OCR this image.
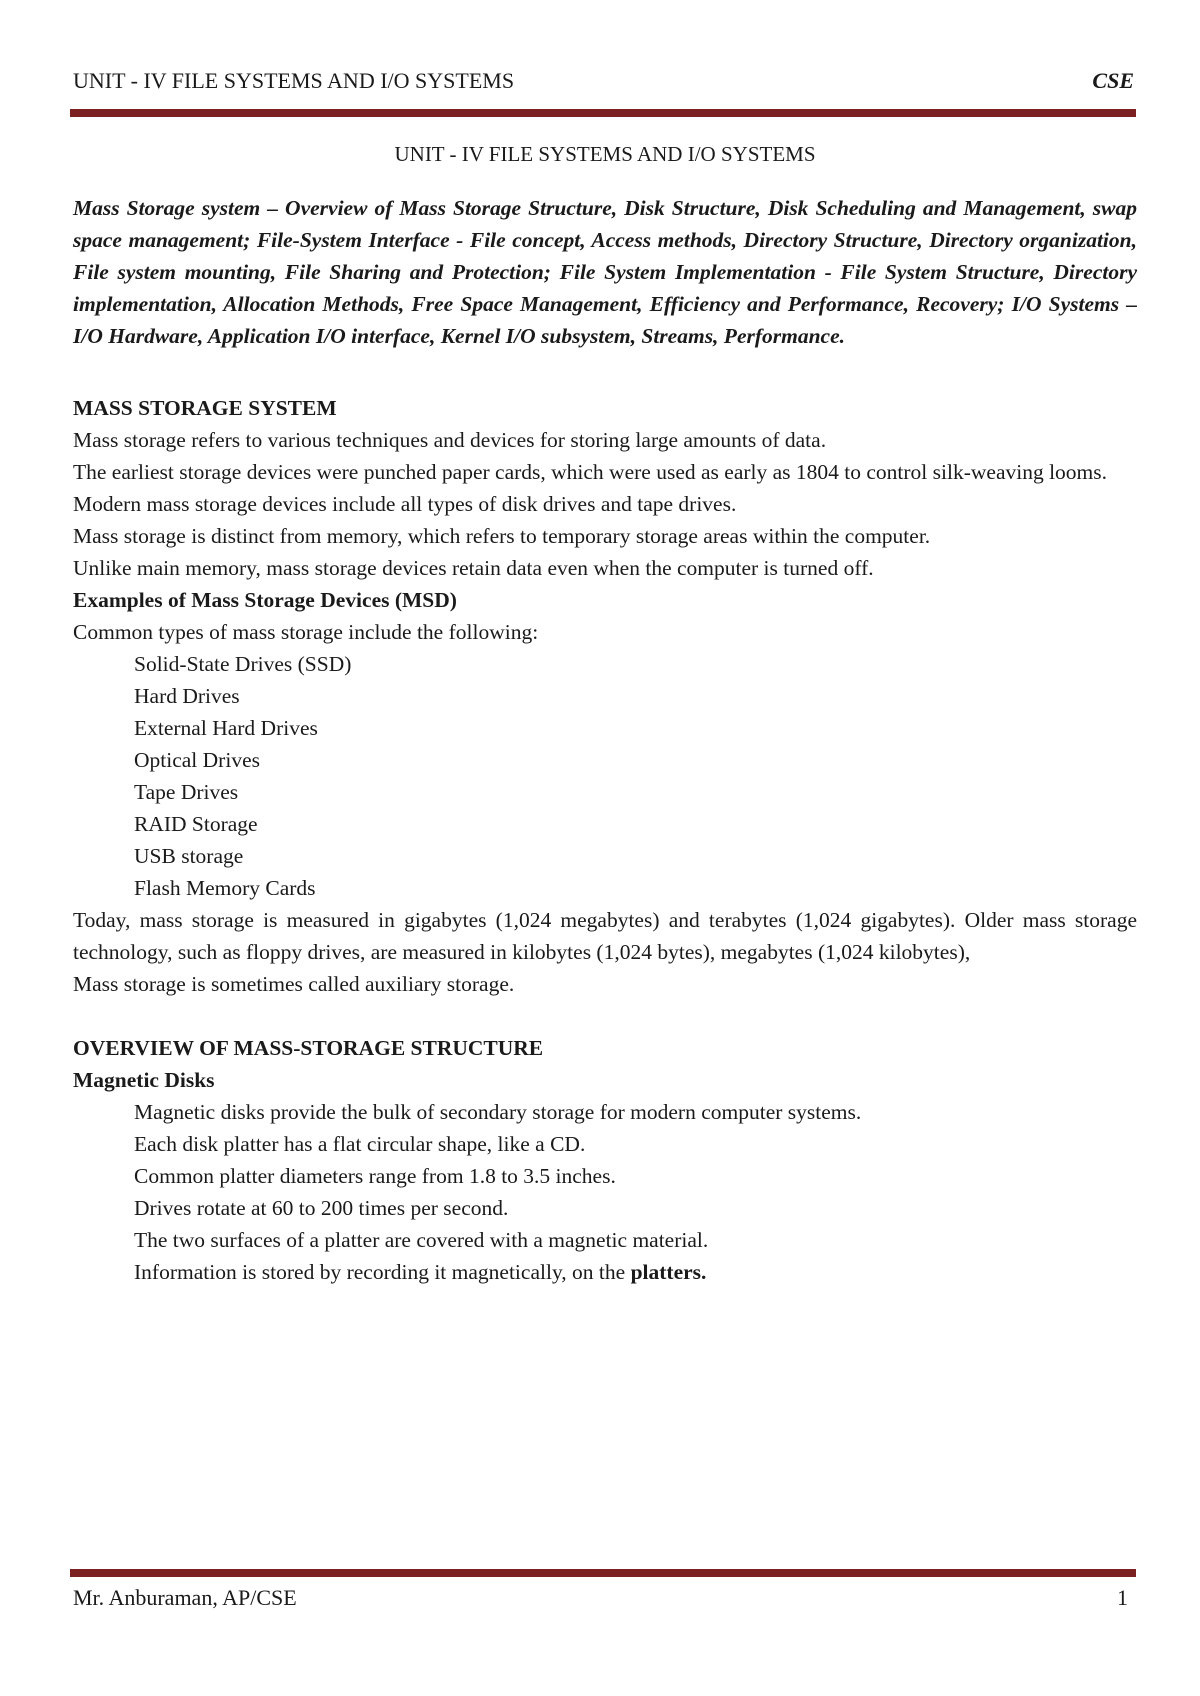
UNIT - IV FILE SYSTEMS AND I/O SYSTEMS	CSE
UNIT - IV FILE SYSTEMS AND I/O SYSTEMS

Mass Storage system – Overview of Mass Storage Structure, Disk Structure, Disk Scheduling and Management, swap space management; File-System Interface - File concept, Access methods, Directory Structure, Directory organization, File system mounting, File Sharing and Protection; File System Implementation - File System Structure, Directory implementation, Allocation Methods, Free Space Management, Efficiency and Performance, Recovery; I/O Systems – I/O Hardware, Application I/O interface, Kernel I/O subsystem, Streams, Performance.

MASS STORAGE SYSTEM

Mass storage refers to various techniques and devices for storing large amounts of data.

The earliest storage devices were punched paper cards, which were used as early as 1804 to control silk-weaving looms.

Modern mass storage devices include all types of disk drives and tape drives.

Mass storage is distinct from memory, which refers to temporary storage areas within the computer.

Unlike main memory, mass storage devices retain data even when the computer is turned off.

Examples of Mass Storage Devices (MSD)

Common types of mass storage include the following:

Solid-State Drives (SSD)

Hard Drives

External Hard Drives

Optical Drives

Tape Drives

RAID Storage

USB storage

Flash Memory Cards

Today, mass storage is measured in gigabytes (1,024 megabytes) and terabytes (1,024 gigabytes). Older mass storage technology, such as floppy drives, are measured in kilobytes (1,024 bytes), megabytes (1,024 kilobytes),

Mass storage is sometimes called auxiliary storage.

OVERVIEW OF MASS-STORAGE STRUCTURE
Magnetic Disks

Magnetic disks provide the bulk of secondary storage for modern computer systems.

Each disk platter has a flat circular shape, like a CD.

Common platter diameters range from 1.8 to 3.5 inches.

Drives rotate at 60 to 200 times per second.

The two surfaces of a platter are covered with a magnetic material.

Information is stored by recording it magnetically, on the platters.

Mr. Anburaman, AP/CSE	1
